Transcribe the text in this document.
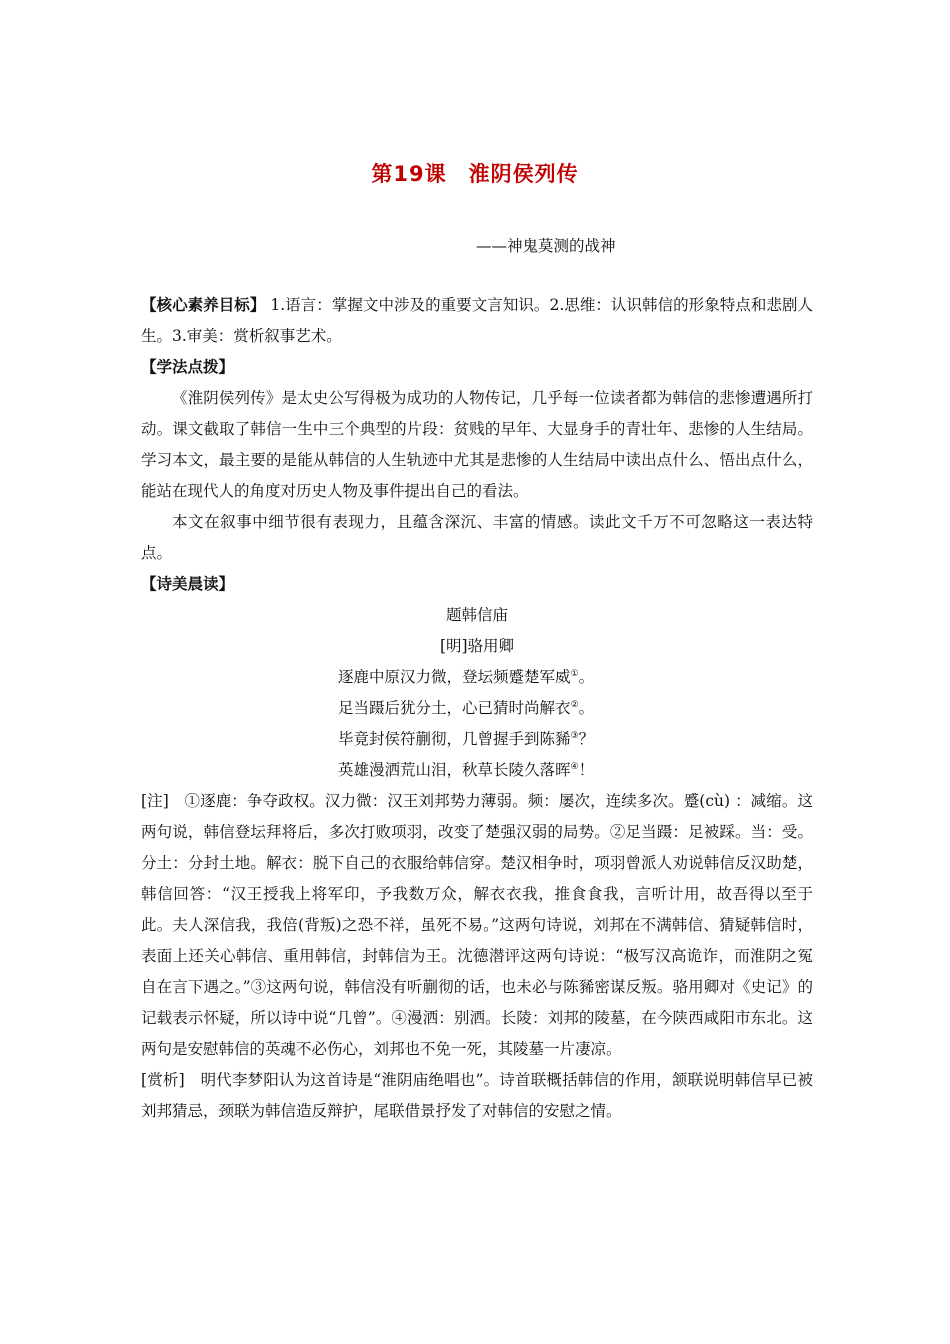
第19课　淮阴侯列传
——神鬼莫测的战神

【核心素养目标】 1.语言：掌握文中涉及的重要文言知识。2.思维：认识韩信的形象特点和悲剧人生。3.审美：赏析叙事艺术。

【学法点拨】

《淮阴侯列传》是太史公写得极为成功的人物传记，几乎每一位读者都为韩信的悲惨遭遇所打动。课文截取了韩信一生中三个典型的片段：贫贱的早年、大显身手的青壮年、悲惨的人生结局。学习本文，最主要的是能从韩信的人生轨迹中尤其是悲惨的人生结局中读出点什么、悟出点什么，能站在现代人的角度对历史人物及事件提出自己的看法。

本文在叙事中细节很有表现力，且蕴含深沉、丰富的情感。读此文千万不可忽略这一表达特点。

【诗美晨读】

题韩信庙

[明]骆用卿

逐鹿中原汉力微，登坛频蹙楚军威①。

足当蹑后犹分土，心已猜时尚解衣②。

毕竟封侯符蒯彻，几曾握手到陈豨③？

英雄漫洒荒山泪，秋草长陵久落晖④！

[注]　①逐鹿：争夺政权。汉力微：汉王刘邦势力薄弱。频：屡次，连续多次。蹙(cù) ：减缩。这两句说，韩信登坛拜将后，多次打败项羽，改变了楚强汉弱的局势。②足当蹑：足被踩。当：受。分土：分封土地。解衣：脱下自己的衣服给韩信穿。楚汉相争时，项羽曾派人劝说韩信反汉助楚，韩信回答：“汉王授我上将军印，予我数万众，解衣衣我，推食食我，言听计用，故吾得以至于此。夫人深信我，我倍(背叛)之恐不祥，虽死不易。”这两句诗说，刘邦在不满韩信、猜疑韩信时，表面上还关心韩信、重用韩信，封韩信为王。沈德潜评这两句诗说：“极写汉高诡诈，而淮阴之冤自在言下遇之。”③这两句说，韩信没有听蒯彻的话，也未必与陈豨密谋反叛。骆用卿对《史记》的记载表示怀疑，所以诗中说“几曾”。④漫洒：别洒。长陵：刘邦的陵墓，在今陕西咸阳市东北。这两句是安慰韩信的英魂不必伤心，刘邦也不免一死，其陵墓一片凄凉。

[赏析]　明代李梦阳认为这首诗是“淮阴庙绝唱也”。诗首联概括韩信的作用，颔联说明韩信早已被刘邦猜忌，颈联为韩信造反辩护，尾联借景抒发了对韩信的安慰之情。
